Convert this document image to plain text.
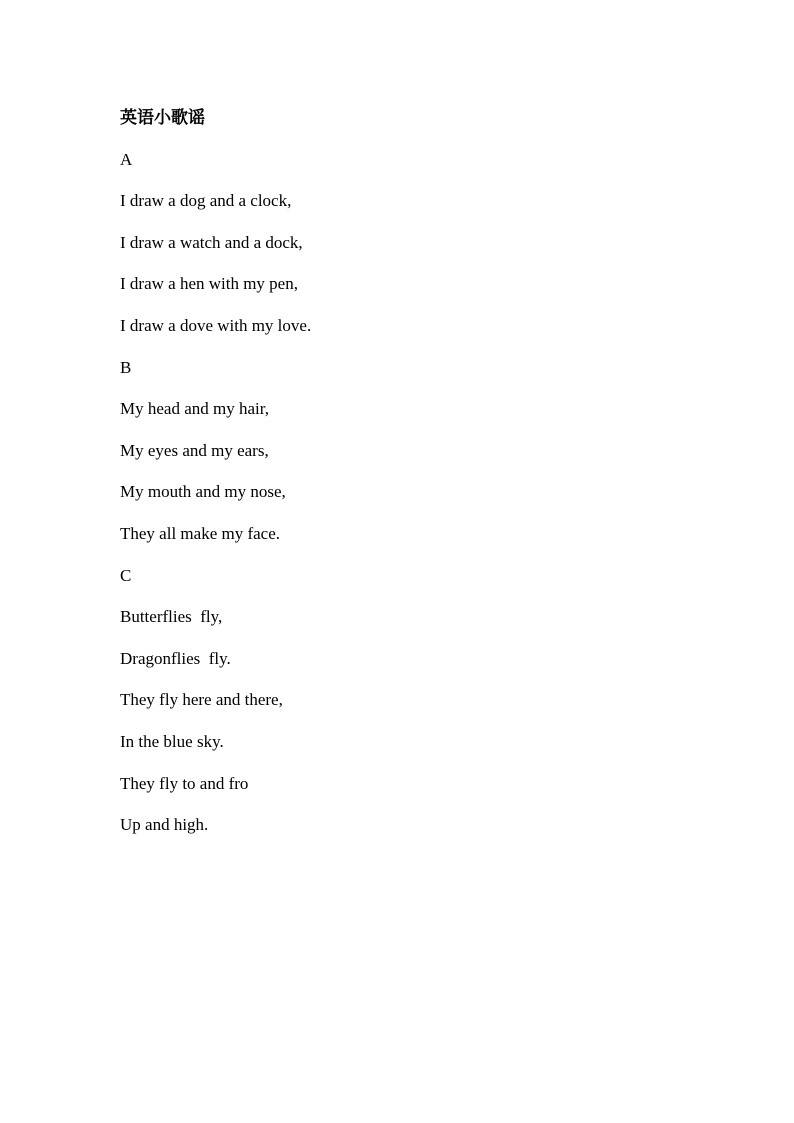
英语小歌谣
A
I draw a dog and a clock,
I draw a watch and a dock,
I draw a hen with my pen,
I draw a dove with my love.
B
My head and my hair,
My eyes and my ears,
My mouth and my nose,
They all make my face.
C
Butterflies  fly,
Dragonflies  fly.
They fly here and there,
In the blue sky.
They fly to and fro
Up and high.
